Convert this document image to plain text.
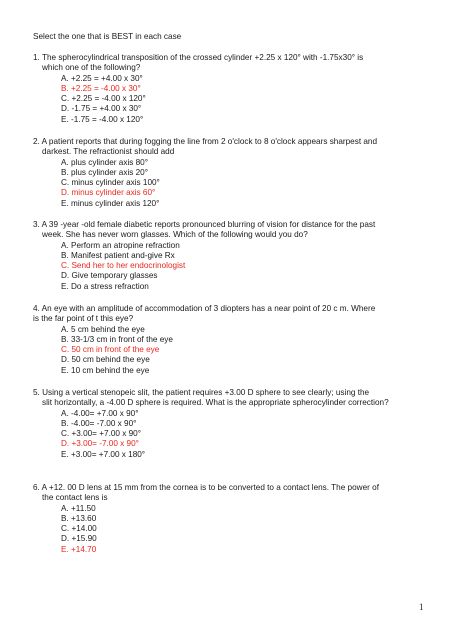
Select the one that is BEST in each case

1. The spherocylindrical transposition of the crossed cylinder +2.25 x 120° with -1.75x30° is
which one of the following?

A. +2.25 = +4.00 x 30°
B. +2.25 = -4.00 x 30°
C. +2.25 = -4.00 x 120°
D. -1.75 = +4.00 x 30°
E. -1.75 = -4.00 x 120°

2. A patient reports that during fogging the line from 2 o'clock to 8 o'clock appears sharpest and
darkest. The refractionist should add

A. plus cylinder axis 80°
B. plus cylinder axis 20°
C. minus cylinder axis 100°
D. minus cylinder axis 60°
E. minus cylinder axis 120°

3. A 39 -year -old female diabetic reports pronounced blurring of vision for distance for the past
week. She has never worn glasses. Which of the following would you do?

A. Perform an atropine refraction
B. Manifest patient and-give Rx
C. Send her to her endocrinologist
D. Give temporary glasses
E. Do a stress refraction

4. An eye with an amplitude of accommodation of 3 diopters has a near point of 20 c m. Where
is the far point of t this eye?

A. 5 cm behind the eye
B. 33-1/3 cm in front of the eye
C. 50 cm in front of the eye
D. 50 cm behind the eye
E. 10 cm behind the eye

5. Using a vertical stenopeic slit, the patient requires +3.00 D sphere to see clearly; using the
slit horizontally, a -4.00 D sphere is required. What is the appropriate spherocylinder correction?

A. -4.00= +7.00 x 90°
B. -4.00= -7.00 x 90°
C. +3.00= +7.00 x 90°
D. +3.00= -7.00 x 90°
E. +3.00= +7.00 x 180°

6. A +12. 00 D lens at 15 mm from the cornea is to be converted to a contact lens. The power of
the contact lens is

A. +11.50
B. +13.60
C. +14.00
D. +15.90
E. +14.70
1
